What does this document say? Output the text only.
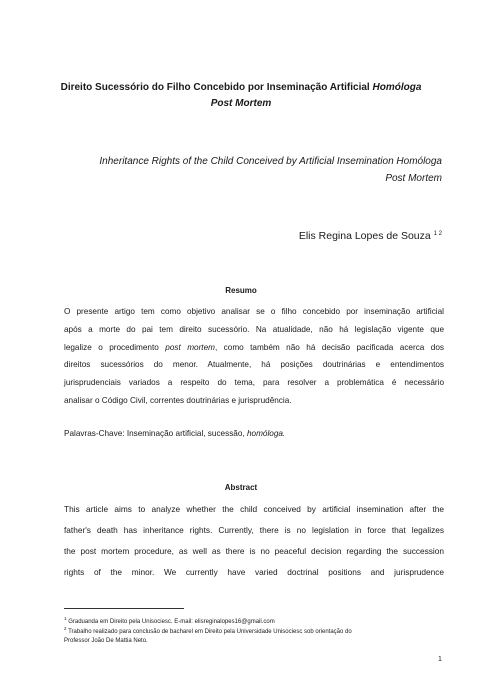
Direito Sucessório do Filho Concebido por Inseminação Artificial Homóloga
Post Mortem
Inheritance Rights of the Child Conceived by Artificial Insemination Homóloga
Post Mortem
Elis Regina Lopes de Souza $^{1 2}$
Resumo
O presente artigo tem como objetivo analisar se o filho concebido por inseminação artificial
após a morte do pai tem direito sucessório. Na atualidade, não há legislação vigente que
legalize o procedimento post mortem, como também não há decisão pacificada acerca dos
direitos sucessórios do menor. Atualmente, há posições doutrinárias e entendimentos
jurisprudenciais variados a respeito do tema, para resolver a problemática é necessário
analisar o Código Civil, correntes doutrinárias e jurisprudência.
Palavras-Chave: Inseminação artificial, sucessão, homóloga.
Abstract
This article aims to analyze whether the child conceived by artificial insemination after the
father's death has inheritance rights. Currently, there is no legislation in force that legalizes
the post mortem procedure, as well as there is no peaceful decision regarding the succession
rights of the minor. We currently have varied doctrinal positions and jurisprudence
$^1$ Graduanda em Direito pela Unisociesc. E-mail: elisreginalopes16@gmail.com
$^2$ Trabalho realizado para conclusão de bacharel em Direito pela Universidade Unisociesc sob orientação do
Professor João De Mattia Neto.
1
